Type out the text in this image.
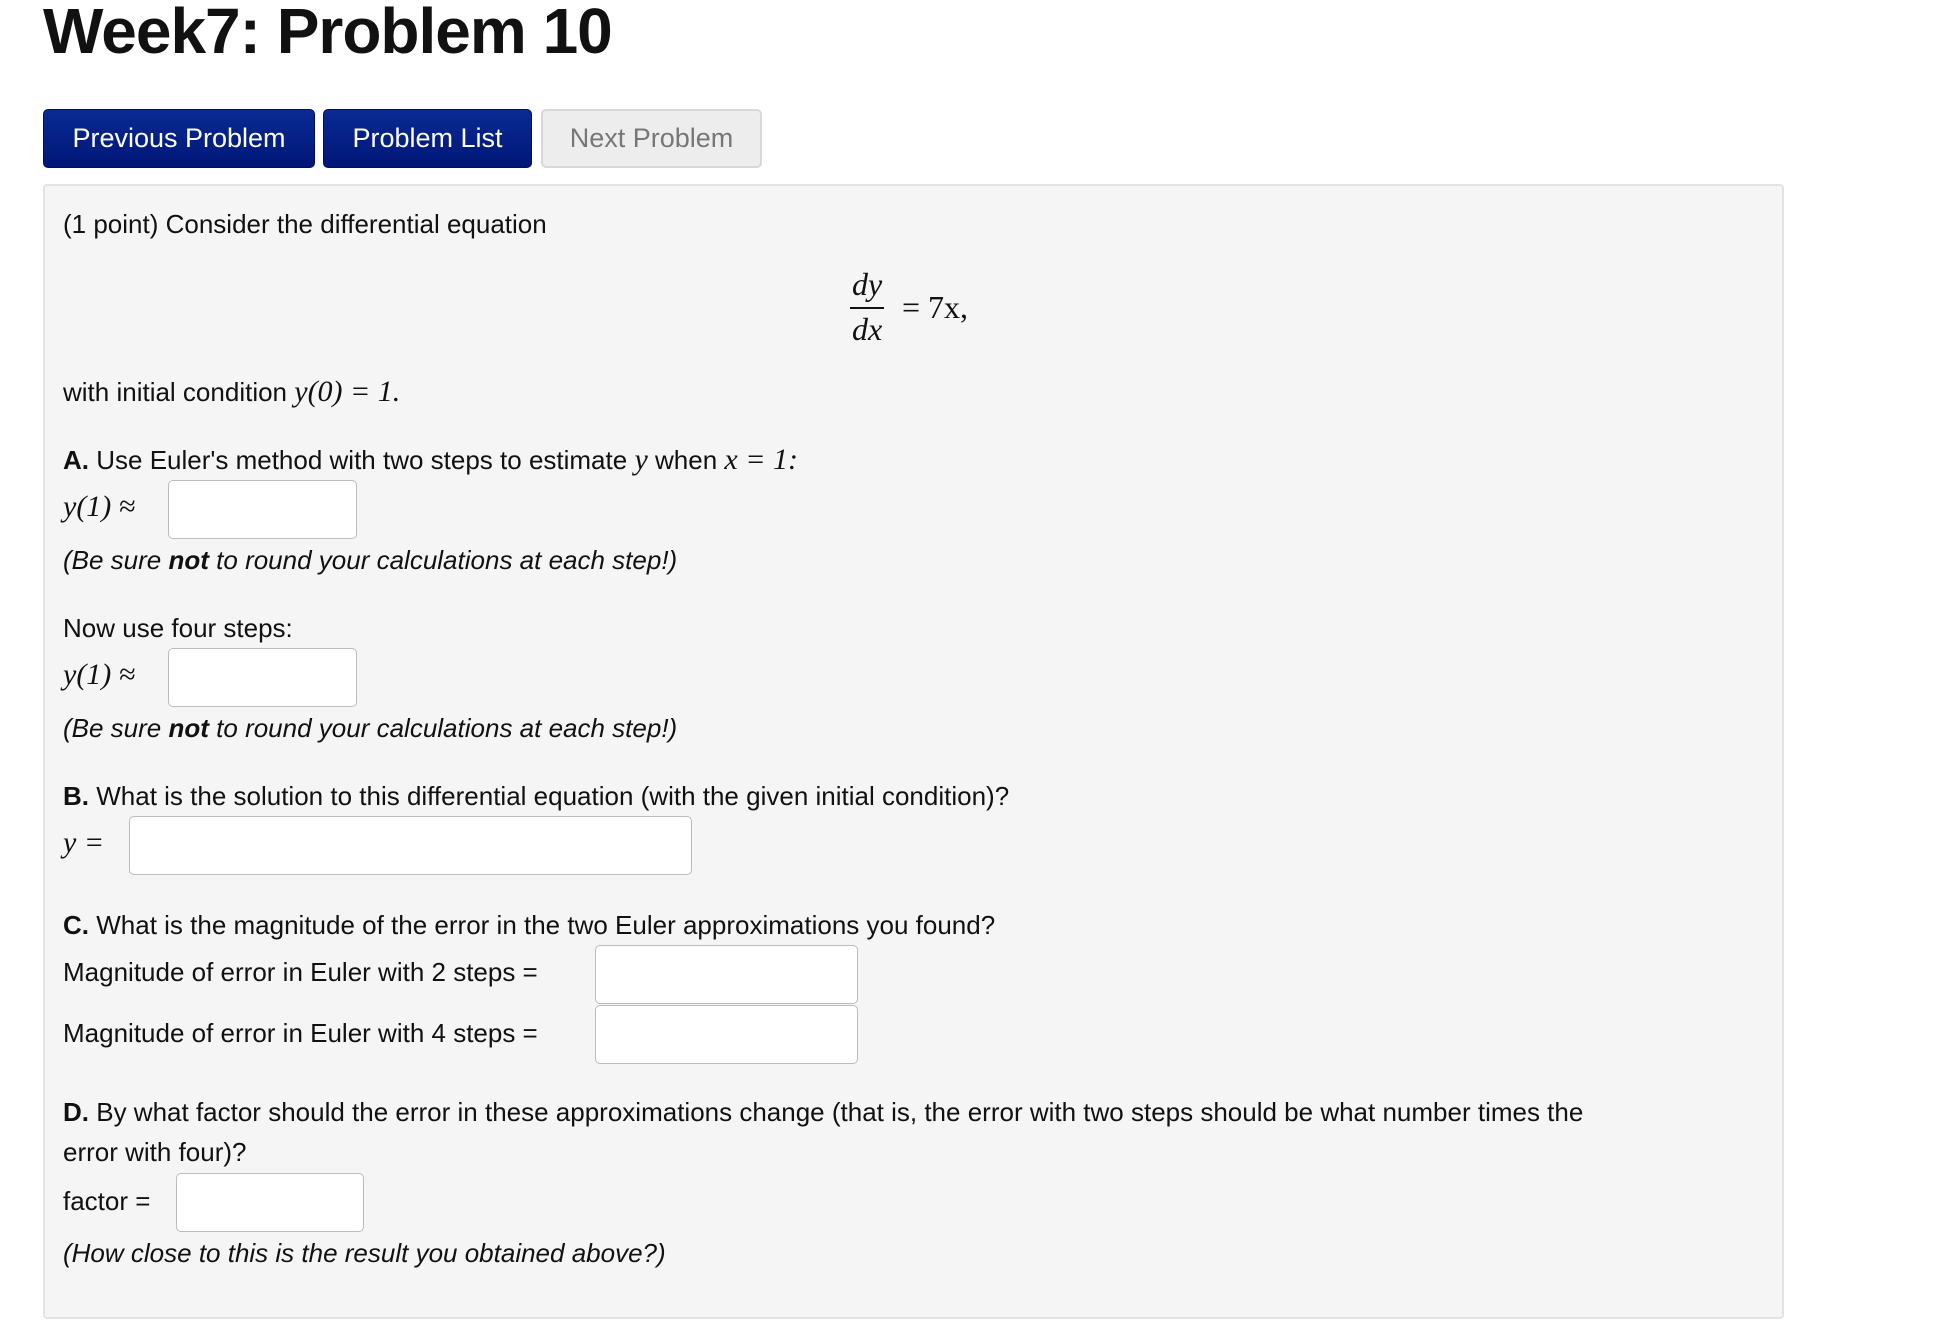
Week7: Problem 10
Previous Problem	Problem List	Next Problem
(1 point) Consider the differential equation
$\frac{dy}{dx} = 7x$,
with initial condition y(0) = 1.
A. Use Euler's method with two steps to estimate y when x = 1:
y(1) ≈
(Be sure not to round your calculations at each step!)
Now use four steps:
y(1) ≈
(Be sure not to round your calculations at each step!)
B. What is the solution to this differential equation (with the given initial condition)?
y =
C. What is the magnitude of the error in the two Euler approximations you found?
Magnitude of error in Euler with 2 steps =
Magnitude of error in Euler with 4 steps =
D. By what factor should the error in these approximations change (that is, the error with two steps should be what number times the
error with four)?
factor =
(How close to this is the result you obtained above?)
